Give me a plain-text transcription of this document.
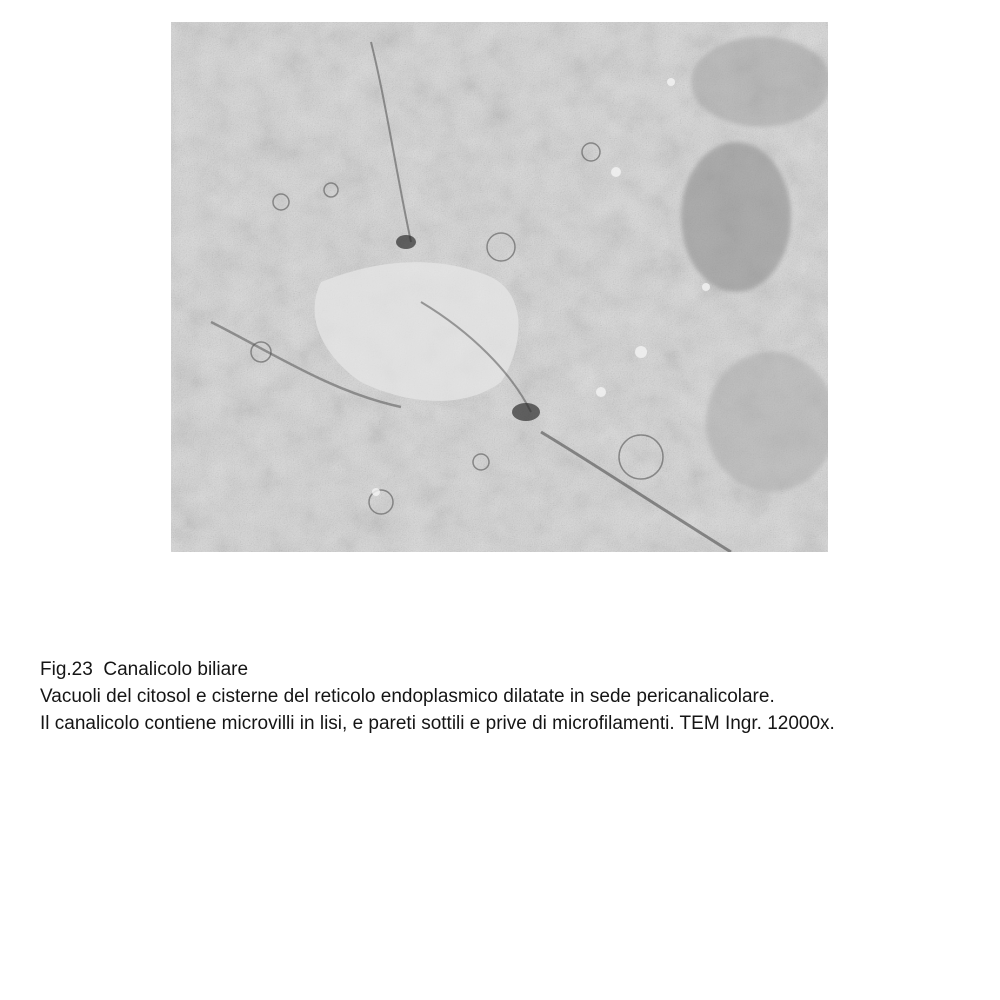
Fig.23 Canalicolo biliare
Vacuoli del citosol e cisterne del reticolo endoplasmico dilatate in sede pericanalicolare.
Il canalicolo contiene microvilli in lisi, e pareti sottili e prive di microfilamenti. TEM Ingr. 12000x.
